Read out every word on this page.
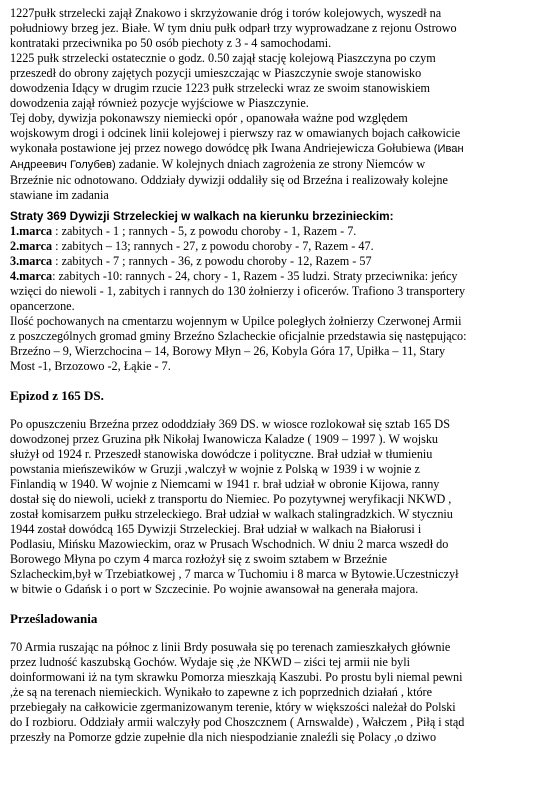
1227pułk strzelecki zajął Znakowo i skrzyżowanie dróg i torów kolejowych, wyszedł na

południowy brzeg jez. Białe. W tym dniu pułk odparł trzy wyprowadzane z rejonu Ostrowo

kontrataki przeciwnika po 50 osób piechoty z 3 - 4 samochodami.

1225 pułk strzelecki ostatecznie o godz. 0.50 zajął stację kolejową Piaszczyna po czym

przeszedł do obrony zajętych pozycji umieszczając w Piaszczynie swoje stanowisko

dowodzenia Idący w drugim rzucie 1223 pułk strzelecki wraz ze swoim stanowiskiem

dowodzenia zajął również pozycje wyjściowe w Piaszczynie.

Tej doby, dywizja pokonawszy niemiecki opór , opanowała ważne pod względem

wojskowym drogi i odcinek linii kolejowej i pierwszy raz w omawianych bojach całkowicie

wykonała postawione jej przez nowego dowódcę płk Iwana Andriejewicza Gołubiewa (Иван

Андреевич Голубев) zadanie. W kolejnych dniach zagrożenia ze strony Niemców w

Brzeźnie nic odnotowano. Oddziały dywizji oddaliły się od Brzeźna i realizowały kolejne

stawiane im zadania

Straty 369 Dywizji Strzeleckiej w walkach na kierunku brzezinieckim:

1.marca : zabitych - 1 ; rannych - 5, z powodu choroby - 1, Razem - 7.

2.marca : zabitych – 13; rannych - 27, z powodu choroby - 7, Razem - 47.

3.marca : zabitych - 7 ; rannych - 36, z powodu choroby - 12, Razem - 57

4.marca: zabitych -10: rannych - 24, chory - 1, Razem - 35 ludzi. Straty przeciwnika: jeńcy

wzięci do niewoli - 1, zabitych i rannych do 130 żołnierzy i oficerów. Trafiono 3 transportery

opancerzone.

Ilość pochowanych na cmentarzu wojennym w Upilce poległych żołnierzy Czerwonej Armii

z poszczególnych gromad gminy Brzeźno Szlacheckie oficjalnie przedstawia się następująco:

Brzeźno – 9, Wierzchocina – 14, Borowy Młyn – 26, Kobyla Góra 17, Upiłka – 11, Stary

Most -1, Brzozowo -2, Łąkie - 7.

Epizod z 165 DS.

Po opuszczeniu Brzeźna przez ododdziały 369 DS. w wiosce rozlokował się sztab 165 DS

dowodzonej przez Gruzina płk Nikołaj Iwanowicza Kaladze ( 1909 – 1997 ). W wojsku

służył od 1924 r. Przeszedł stanowiska dowódcze i polityczne. Brał udział w tłumieniu

powstania mieńszewików w Gruzji ,walczył w wojnie z Polską w 1939 i w wojnie z

Finlandią w 1940. W wojnie z Niemcami w 1941 r. brał udział w obronie Kijowa, ranny

dostał się do niewoli, uciekł z transportu do Niemiec. Po pozytywnej weryfikacji NKWD ,

został komisarzem pułku strzeleckiego. Brał udział w walkach stalingradzkich. W styczniu

1944 został dowódcą 165 Dywizji Strzeleckiej. Brał udział w walkach na Białorusi i

Podlasiu, Mińsku Mazowieckim, oraz w Prusach Wschodnich. W dniu 2 marca wszedł do

Borowego Młyna po czym 4 marca rozłożył się z swoim sztabem w Brzeźnie

Szlacheckim,był w Trzebiatkowej , 7 marca w Tuchomiu i 8 marca w Bytowie.Uczestniczył

w bitwie o Gdańsk i o port w Szczecinie. Po wojnie awansował na generała majora.

Prześladowania

70 Armia ruszając na północ z linii Brdy posuwała się po terenach zamieszkałych głównie

przez ludność kaszubską Gochów. Wydaje się ,że NKWD – ziści tej armii nie byli

doinformowani iż na tym skrawku Pomorza mieszkają Kaszubi. Po prostu byli niemal pewni

,że są na terenach niemieckich. Wynikało to zapewne z ich poprzednich działań , które

przebiegały na całkowicie zgermanizowanym terenie, który w większości należał do Polski

do I rozbioru. Oddziały armii walczyły pod Choszcznem ( Arnswalde) , Wałczem , Piłą i stąd

przeszły na Pomorze gdzie zupełnie dla nich niespodzianie znaleźli się Polacy ,o dziwo
